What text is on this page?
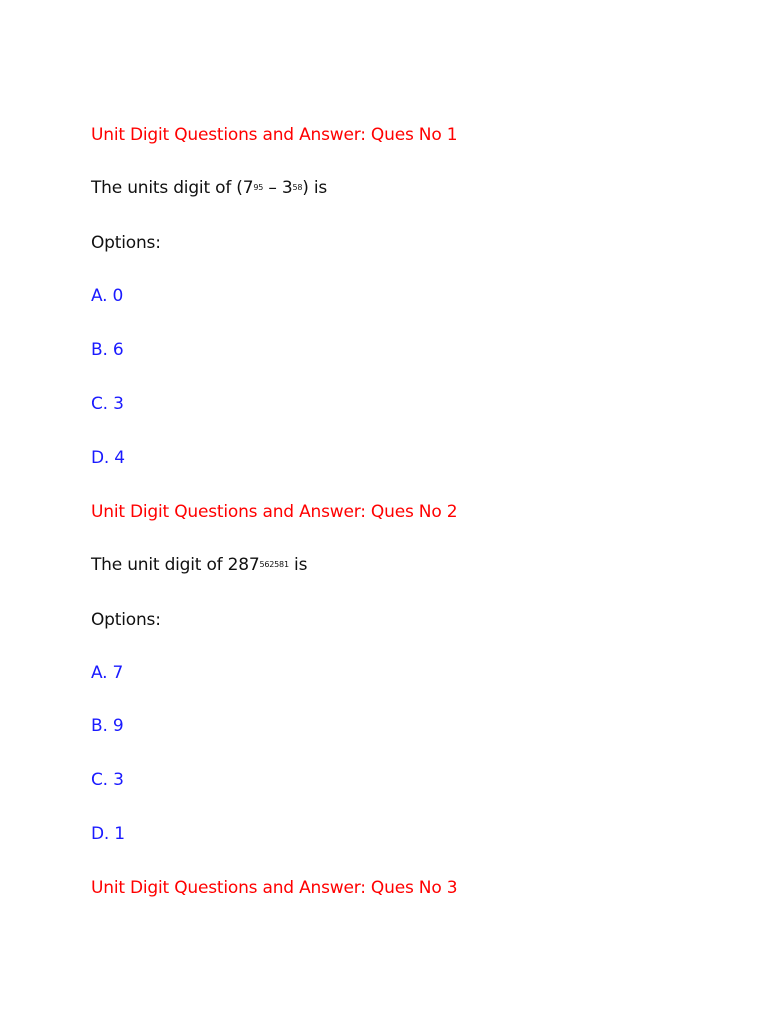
Unit Digit Questions and Answer: Ques No 1
The units digit of $(7^{95} - 3^{58})$ is
Options:
A. 0
B. 6
C. 3
D. 4
Unit Digit Questions and Answer: Ques No 2
The unit digit of $287^{562581}$ is
Options:
A. 7
B. 9
C. 3
D. 1
Unit Digit Questions and Answer: Ques No 3
